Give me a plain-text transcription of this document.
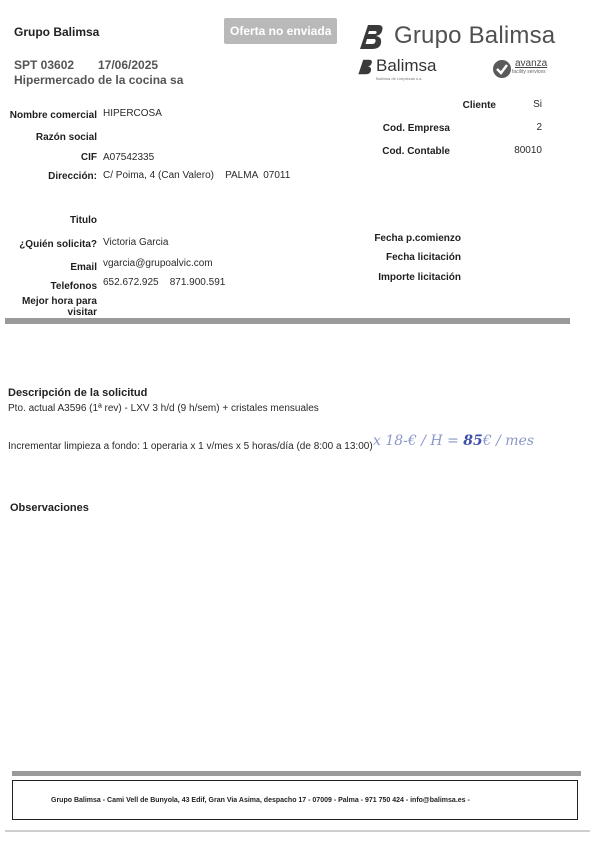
Grupo Balimsa
SPT 03602 17/06/2025
Hipermercado de la cocina sa
Oferta no enviada	Grupo Balimsa
Balimsa
Balimsa de Limpiezas s.a.
avanza
facility services
Nombre comercial HIPERCOSA
Razón social
CIF A07542335
Dirección: C/ Poima, 4 (Can Valero)    PALMA  07011
Cliente	Si
Cod. Empresa	2
Cod. Contable	80010
Titulo
¿Quién solicita? Victoria Garcia
Email vgarcia@grupoalvic.com
Telefonos 652.672.925    871.900.591
Mejor hora para
visitar
Fecha p.comienzo
Fecha licitación
Importe licitación
Descripción de la solicitud
Pto. actual A3596 (1ª rev) - LXV 3 h/d (9 h/sem) + cristales mensuales
Incrementar limpieza a fondo: 1 operaria x 1 v/mes x 5 horas/día (de 8:00 a 13:00) x 18-€ / H = 85€ / mes
Observaciones
Grupo Balimsa - Cami Vell de Bunyola, 43 Edif, Gran Via Asima, despacho 17 - 07009 - Palma - 971 750 424 - info@balimsa.es -
